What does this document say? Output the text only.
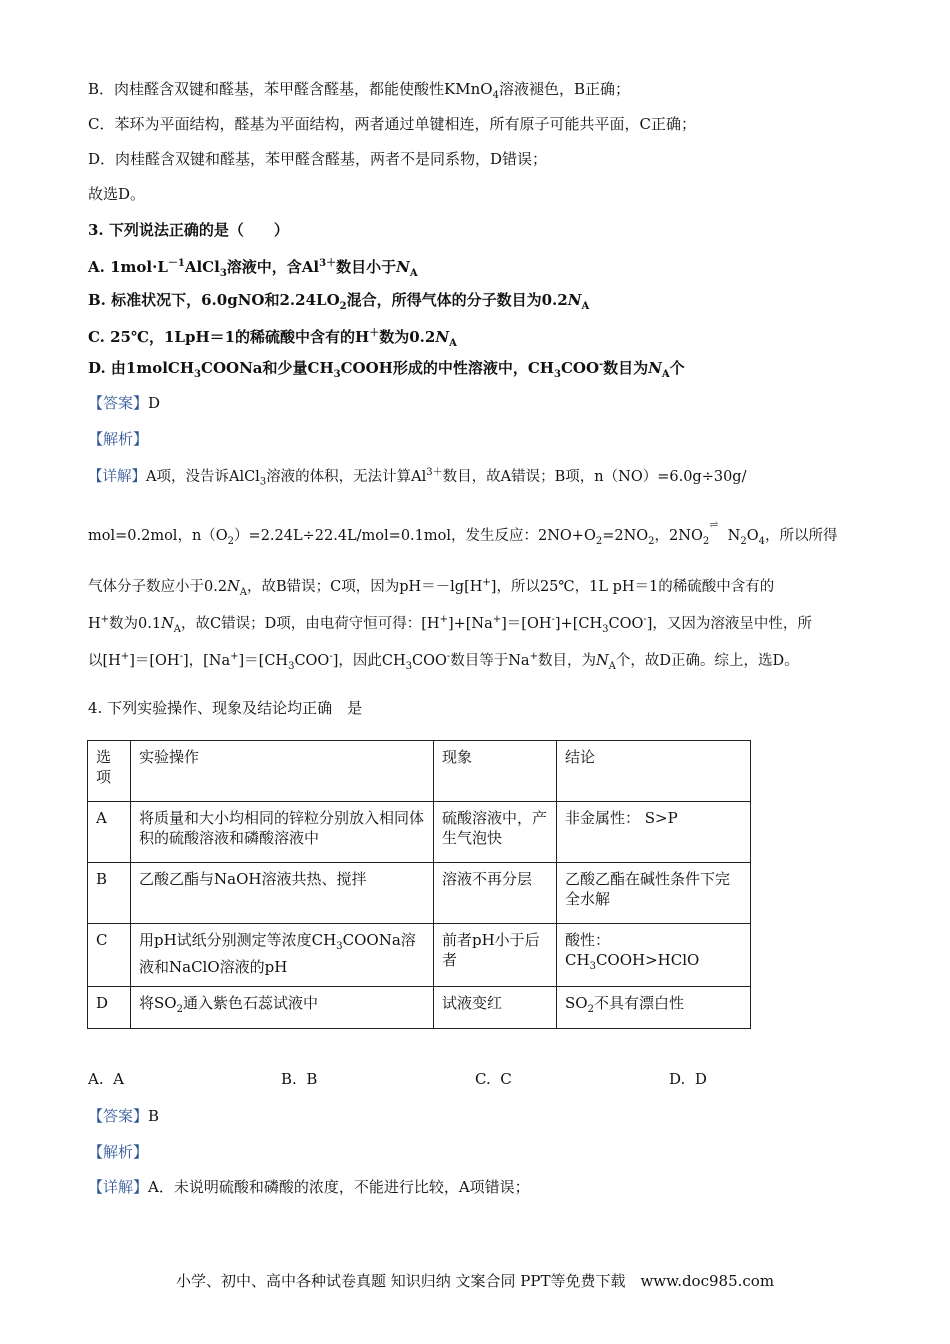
B．肉桂醛含双键和醛基，苯甲醛含醛基，都能使酸性KMnO$_4$溶液褪色，B正确；
C．苯环为平面结构，醛基为平面结构，两者通过单键相连，所有原子可能共平面，C正确；
D．肉桂醛含双键和醛基，苯甲醛含醛基，两者不是同系物，D错误；
故选D。
3. 下列说法正确的是（　　）
A. $1mol\cdot L^{-1}AlCl_3$溶液中，含$Al^{3+}$数目小于$N_A$
B. 标准状况下，6.0gNO和$2.24LO_2$混合，所得气体的分子数目为$0.2N_A$
C. 25℃，1LpH＝1的稀硫酸中含有的H＋数为$0.2N_A$
D. 由1molCH$_3$COONa和少量$CH_3COOH$形成的中性溶液中，$CH_3COO^-$数目为$N_A$个
【答案】D
【解析】
【详解】A项，没告诉AlCl$_3$溶液的体积，无法计算$Al^{3+}$数目，故A错误；B项，n（NO）=6.0g÷30g/
mol=0.2mol，$n(O_2)=2.24L\div 22.4L/mol=0.1mol$，发生反应：$2NO+O_2=2NO_2$，$2NO_2^\rightleftharpoons$  $N_2O_4$，所以所得
气体分子数应小于$0.2N_A$，故B错误；C项，因为pH＝－lg[H+]，所以25℃，1L pH＝1的稀硫酸中含有的
H+数为$0.1N_A$，故C错误；D项，由电荷守恒可得：$[H^+]+[Na^+]=[OH^-]+[CH_3COO^-]$，又因为溶液呈中性，所
以[H+]＝[OH-]，$[Na^+]=[CH_3COO^-]$，因此$CH_3COO^-$数目等于Na+数目，为$N_A$个，故D正确。综上，选D。
4. 下列实验操作、现象及结论均正确　是
选项	实验操作	现象	结论
A	将质量和大小均相同的锌粒分别放入相同体积的硫酸溶液和磷酸溶液中	硫酸溶液中，产生气泡快	非金属性： S>P
B	乙酸乙酯与NaOH溶液共热、搅拌	溶液不再分层	乙酸乙酯在碱性条件下完全水解
C	用pH试纸分别测定等浓度$CH_3COONa$溶液和NaClO溶液的pH	前者pH小于后者	酸性：$CH_3COOH>HClO$
D	将$SO_2$通入紫色石蕊试液中	试液变红	$SO_2$不具有漂白性
A. A	B. B	C. C	D. D
【答案】B
【解析】
【详解】A．未说明硫酸和磷酸的浓度，不能进行比较，A项错误；
小学、初中、高中各种试卷真题 知识归纳 文案合同 PPT等免费下载　www.doc985.com
